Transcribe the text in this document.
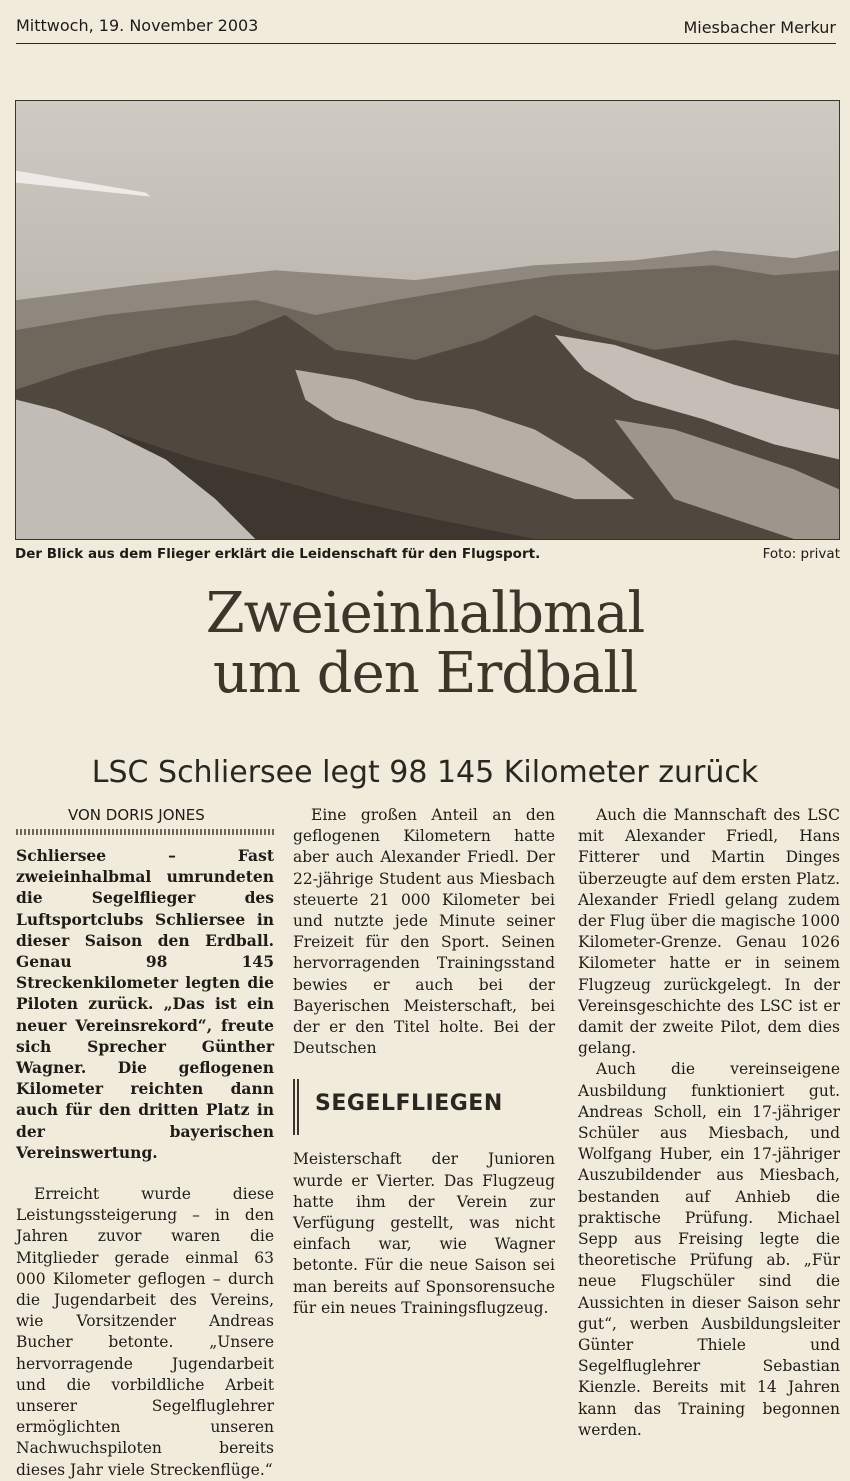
Mittwoch, 19. November 2003	Miesbacher Merkur
Der Blick aus dem Flieger erklärt die Leidenschaft für den Flugsport.	Foto: privat
Zweieinhalbmal
um den Erdball
LSC Schliersee legt 98 145 Kilometer zurück
VON DORIS JONES

Schliersee – Fast zweieinhalbmal umrundeten die Segelflieger des Luftsportclubs Schliersee in dieser Saison den Erdball. Genau 98 145 Streckenkilometer legten die Piloten zurück. „Das ist ein neuer Vereinsrekord“, freute sich Sprecher Günther Wagner. Die geflogenen Kilometer reichten dann auch für den dritten Platz in der bayerischen Vereinswertung.

Erreicht wurde diese Leistungssteigerung – in den Jahren zuvor waren die Mitglieder gerade einmal 63 000 Kilometer geflogen – durch die Jugendarbeit des Vereins, wie Vorsitzender Andreas Bucher betonte. „Unsere hervorragende Jugendarbeit und die vorbildliche Arbeit unserer Segelfluglehrer ermöglichten unseren Nachwuchspiloten bereits dieses Jahr viele Streckenflüge.“

Eine großen Anteil an den geflogenen Kilometern hatte aber auch Alexander Friedl. Der 22-jährige Student aus Miesbach steuerte 21 000 Kilometer bei und nutzte jede Minute seiner Freizeit für den Sport. Seinen hervorragenden Trainingsstand bewies er auch bei der Bayerischen Meisterschaft, bei der er den Titel holte. Bei der Deutschen

SEGELFLIEGEN

Meisterschaft der Junioren wurde er Vierter. Das Flugzeug hatte ihm der Verein zur Verfügung gestellt, was nicht einfach war, wie Wagner betonte. Für die neue Saison sei man bereits auf Sponsorensuche für ein neues Trainingsflugzeug.

Auch die Mannschaft des LSC mit Alexander Friedl, Hans Fitterer und Martin Dinges überzeugte auf dem ersten Platz. Alexander Friedl gelang zudem der Flug über die magische 1000 Kilometer-Grenze. Genau 1026 Kilometer hatte er in seinem Flugzeug zurückgelegt. In der Vereinsgeschichte des LSC ist er damit der zweite Pilot, dem dies gelang.

Auch die vereinseigene Ausbildung funktioniert gut. Andreas Scholl, ein 17-jähriger Schüler aus Miesbach, und Wolfgang Huber, ein 17-jähriger Auszubildender aus Miesbach, bestanden auf Anhieb die praktische Prüfung. Michael Sepp aus Freising legte die theoretische Prüfung ab. „Für neue Flugschüler sind die Aussichten in dieser Saison sehr gut“, werben Ausbildungsleiter Günter Thiele und Segelfluglehrer Sebastian Kienzle. Bereits mit 14 Jahren kann das Training begonnen werden.
